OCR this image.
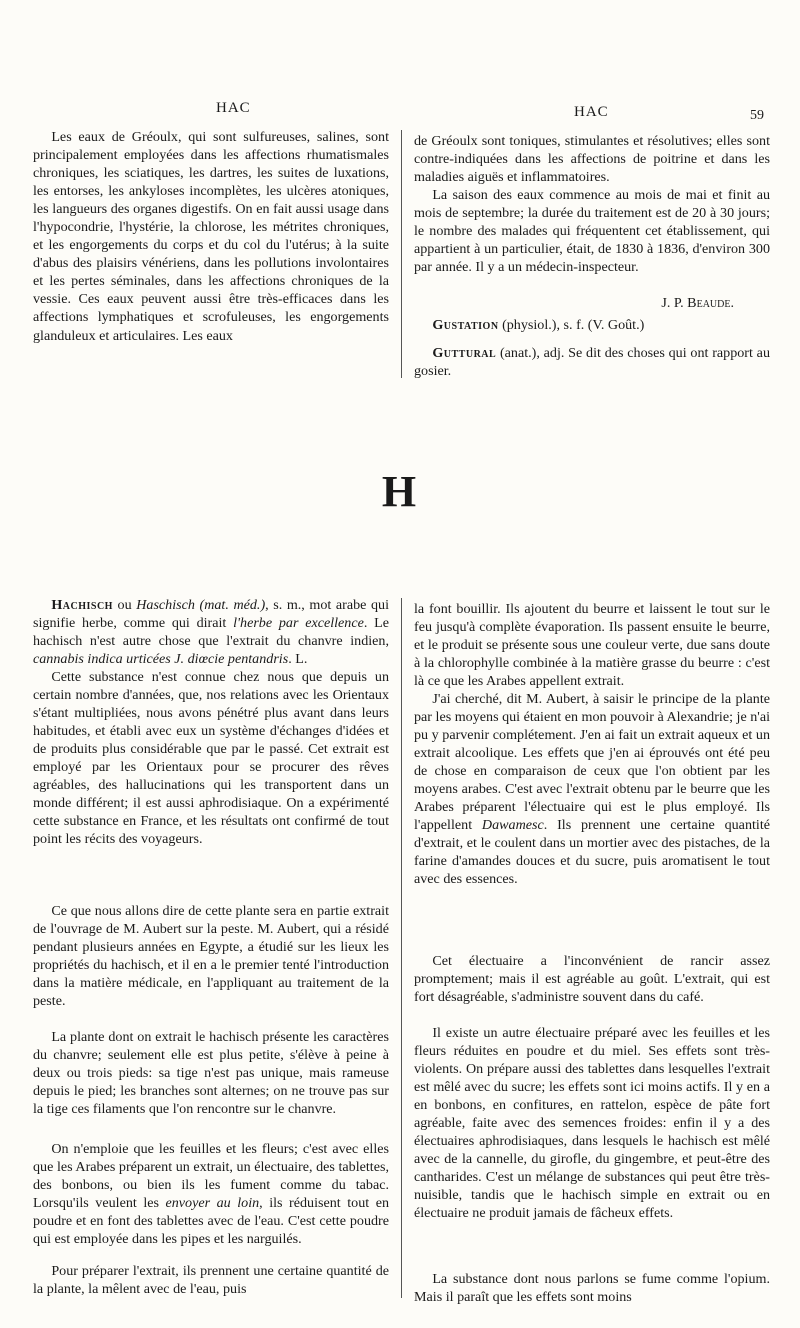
HAC	HAC	59

Les eaux de Gréoulx, qui sont sulfureuses, salines, sont principalement employées dans les affections rhumatismales chroniques, les sciatiques, les dartres, les suites de luxations, les entorses, les ankyloses incomplètes, les ulcères atoniques, les langueurs des organes digestifs. On en fait aussi usage dans l'hypocondrie, l'hystérie, la chlorose, les métrites chroniques, et les engorgements du corps et du col du l'utérus; à la suite d'abus des plaisirs vénériens, dans les pollutions involontaires et les pertes séminales, dans les affections chroniques de la vessie. Ces eaux peuvent aussi être très-efficaces dans les affections lymphatiques et scrofuleuses, les engorgements glanduleux et articulaires. Les eaux

de Gréoulx sont toniques, stimulantes et résolutives; elles sont contre-indiquées dans les affections de poitrine et dans les maladies aiguës et inflammatoires.

La saison des eaux commence au mois de mai et finit au mois de septembre; la durée du traitement est de 20 à 30 jours; le nombre des malades qui fréquentent cet établissement, qui appartient à un particulier, était, de 1830 à 1836, d'environ 300 par année. Il y a un médecin-inspecteur.

J. P. Beaude.

Gustation (physiol.), s. f. (V. Goût.)

Guttural (anat.), adj. Se dit des choses qui ont rapport au gosier.

H

Hachisch ou Haschisch (mat. méd.), s. m., mot arabe qui signifie herbe, comme qui dirait l'herbe par excellence. Le hachisch n'est autre chose que l'extrait du chanvre indien, cannabis indica urticées J. diœcie pentandris. L.

Cette substance n'est connue chez nous que depuis un certain nombre d'années, que, nos relations avec les Orientaux s'étant multipliées, nous avons pénétré plus avant dans leurs habitudes, et établi avec eux un système d'échanges d'idées et de produits plus considérable que par le passé. Cet extrait est employé par les Orientaux pour se procurer des rêves agréables, des hallucinations qui les transportent dans un monde différent; il est aussi aphrodisiaque. On a expérimenté cette substance en France, et les résultats ont confirmé de tout point les récits des voyageurs.

Ce que nous allons dire de cette plante sera en partie extrait de l'ouvrage de M. Aubert sur la peste. M. Aubert, qui a résidé pendant plusieurs années en Egypte, a étudié sur les lieux les propriétés du hachisch, et il en a le premier tenté l'introduction dans la matière médicale, en l'appliquant au traitement de la peste.

La plante dont on extrait le hachisch présente les caractères du chanvre; seulement elle est plus petite, s'élève à peine à deux ou trois pieds: sa tige n'est pas unique, mais rameuse depuis le pied; les branches sont alternes; on ne trouve pas sur la tige ces filaments que l'on rencontre sur le chanvre.

On n'emploie que les feuilles et les fleurs; c'est avec elles que les Arabes préparent un extrait, un électuaire, des tablettes, des bonbons, ou bien ils les fument comme du tabac. Lorsqu'ils veulent les envoyer au loin, ils réduisent tout en poudre et en font des tablettes avec de l'eau. C'est cette poudre qui est employée dans les pipes et les narguilés.

Pour préparer l'extrait, ils prennent une certaine quantité de la plante, la mêlent avec de l'eau, puis

la font bouillir. Ils ajoutent du beurre et laissent le tout sur le feu jusqu'à complète évaporation. Ils passent ensuite le beurre, et le produit se présente sous une couleur verte, due sans doute à la chlorophylle combinée à la matière grasse du beurre : c'est là ce que les Arabes appellent extrait.

J'ai cherché, dit M. Aubert, à saisir le principe de la plante par les moyens qui étaient en mon pouvoir à Alexandrie; je n'ai pu y parvenir complétement. J'en ai fait un extrait aqueux et un extrait alcoolique. Les effets que j'en ai éprouvés ont été peu de chose en comparaison de ceux que l'on obtient par les moyens arabes. C'est avec l'extrait obtenu par le beurre que les Arabes préparent l'électuaire qui est le plus employé. Ils l'appellent Dawamesc. Ils prennent une certaine quantité d'extrait, et le coulent dans un mortier avec des pistaches, de la farine d'amandes douces et du sucre, puis aromatisent le tout avec des essences.

Cet électuaire a l'inconvénient de rancir assez promptement; mais il est agréable au goût. L'extrait, qui est fort désagréable, s'administre souvent dans du café.

Il existe un autre électuaire préparé avec les feuilles et les fleurs réduites en poudre et du miel. Ses effets sont très-violents. On prépare aussi des tablettes dans lesquelles l'extrait est mêlé avec du sucre; les effets sont ici moins actifs. Il y en a en bonbons, en confitures, en rattelon, espèce de pâte fort agréable, faite avec des semences froides: enfin il y a des électuaires aphrodisiaques, dans lesquels le hachisch est mêlé avec de la cannelle, du girofle, du gingembre, et peut-être des cantharides. C'est un mélange de substances qui peut être très-nuisible, tandis que le hachisch simple en extrait ou en électuaire ne produit jamais de fâcheux effets.

La substance dont nous parlons se fume comme l'opium. Mais il paraît que les effets sont moins
